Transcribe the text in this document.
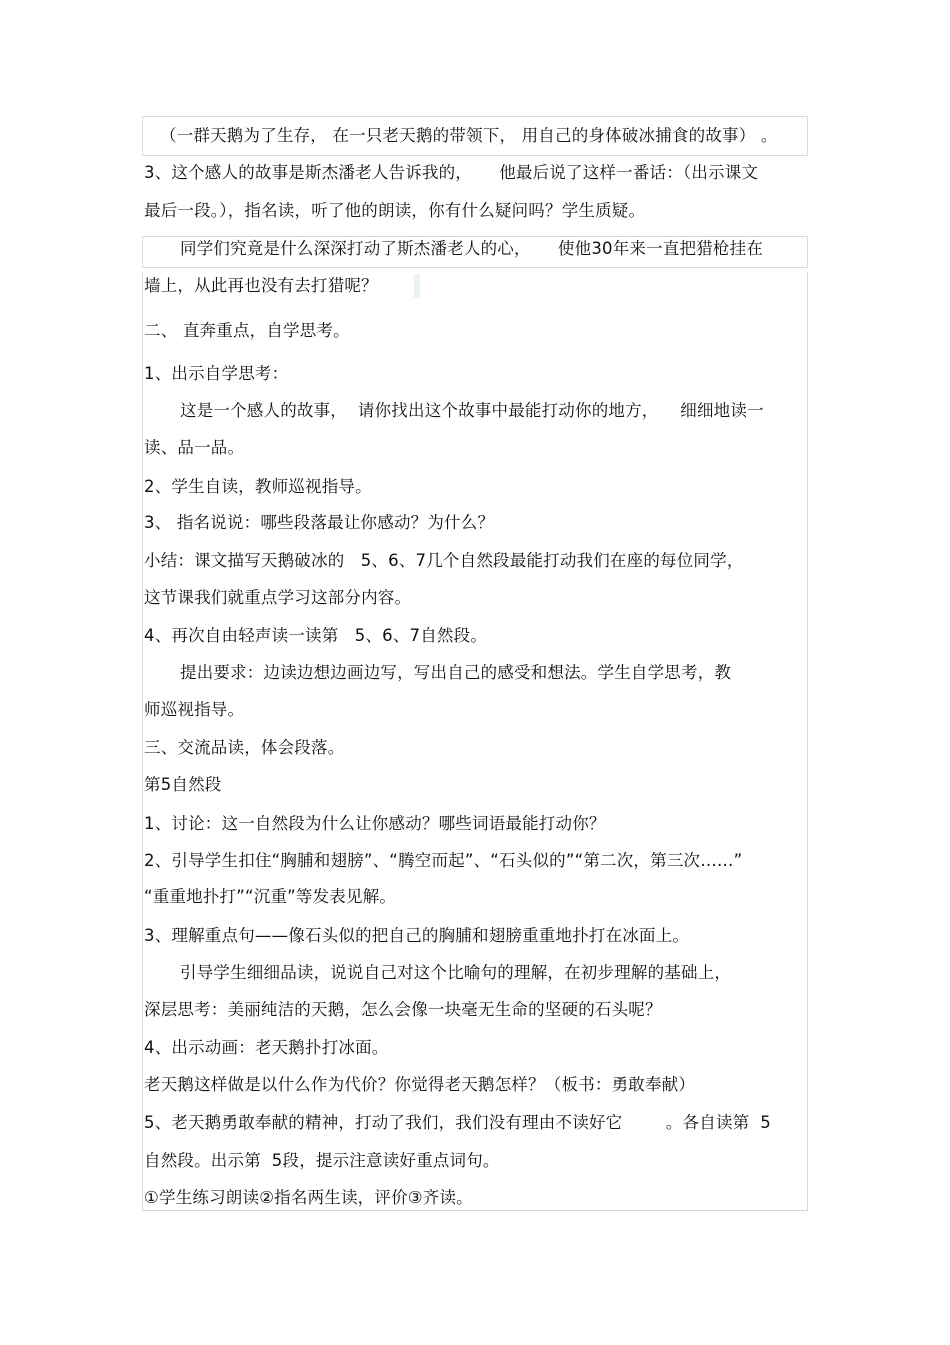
（一群天鹅为了生存， 在一只老天鹅的带领下， 用自己的身体破冰捕食的故事） 。
3、这个感人的故事是斯杰潘老人告诉我的，     他最后说了这样一番话：（出示课文
最后一段。），指名读，听了他的朗读，你有什么疑问吗？学生质疑。
同学们究竟是什么深深打动了斯杰潘老人的心，     使他30年来一直把猎枪挂在
墙上，从此再也没有去打猎呢？
二、 直奔重点，自学思考。
1、出示自学思考：
这是一个感人的故事，  请你找出这个故事中最能打动你的地方，    细细地读一
读、品一品。
2、学生自读，教师巡视指导。
3、 指名说说：哪些段落最让你感动？为什么？
小结：课文描写天鹅破冰的   5、6、7几个自然段最能打动我们在座的每位同学，
这节课我们就重点学习这部分内容。
4、再次自由轻声读一读第   5、6、7自然段。
提出要求：边读边想边画边写，写出自己的感受和想法。学生自学思考，教
师巡视指导。
三、交流品读，体会段落。
第5自然段
1、讨论：这一自然段为什么让你感动？哪些词语最能打动你？
2、引导学生扣住“胸脯和翅膀”、“腾空而起”、“石头似的”“第二次，第三次……”
“重重地扑打”“沉重”等发表见解。
3、理解重点句——像石头似的把自己的胸脯和翅膀重重地扑打在冰面上。
引导学生细细品读，说说自己对这个比喻句的理解，在初步理解的基础上，
深层思考：美丽纯洁的天鹅，怎么会像一块毫无生命的坚硬的石头呢？
4、出示动画：老天鹅扑打冰面。
老天鹅这样做是以什么作为代价？你觉得老天鹅怎样？（板书：勇敢奉献）
5、老天鹅勇敢奉献的精神，打动了我们，我们没有理由不读好它        。各自读第  5
自然段。出示第  5段，提示注意读好重点词句。
①学生练习朗读②指名两生读，评价③齐读。
